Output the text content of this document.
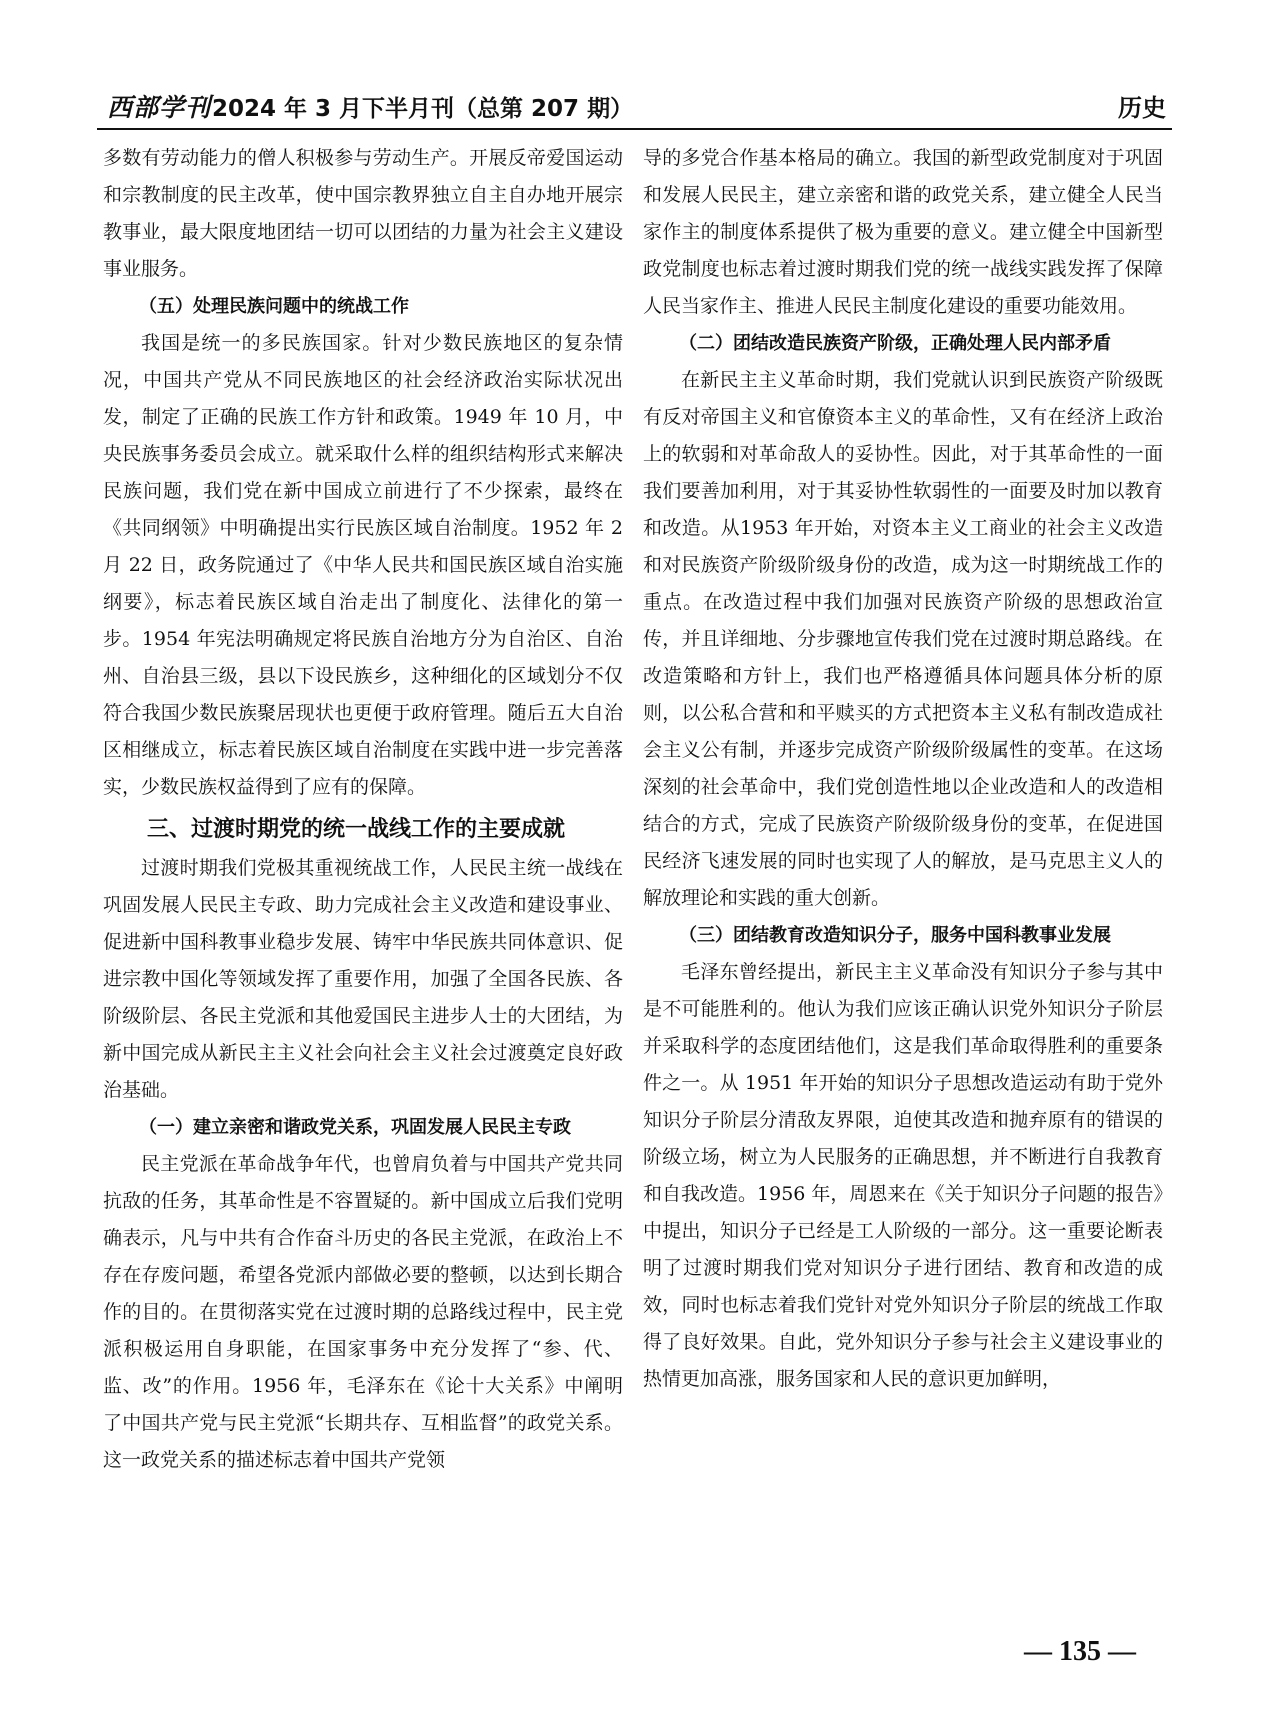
西部学刊 2024 年 3 月下半月刊（总第 207 期）	历史

多数有劳动能力的僧人积极参与劳动生产。开展反帝爱国运动和宗教制度的民主改革，使中国宗教界独立自主自办地开展宗教事业，最大限度地团结一切可以团结的力量为社会主义建设事业服务。

（五）处理民族问题中的统战工作

我国是统一的多民族国家。针对少数民族地区的复杂情况，中国共产党从不同民族地区的社会经济政治实际状况出发，制定了正确的民族工作方针和政策。1949 年 10 月，中央民族事务委员会成立。就采取什么样的组织结构形式来解决民族问题，我们党在新中国成立前进行了不少探索，最终在《共同纲领》中明确提出实行民族区域自治制度。1952 年 2 月 22 日，政务院通过了《中华人民共和国民族区域自治实施纲要》，标志着民族区域自治走出了制度化、法律化的第一步。1954 年宪法明确规定将民族自治地方分为自治区、自治州、自治县三级，县以下设民族乡，这种细化的区域划分不仅符合我国少数民族聚居现状也更便于政府管理。随后五大自治区相继成立，标志着民族区域自治制度在实践中进一步完善落实，少数民族权益得到了应有的保障。

三、过渡时期党的统一战线工作的主要成就

过渡时期我们党极其重视统战工作，人民民主统一战线在巩固发展人民民主专政、助力完成社会主义改造和建设事业、促进新中国科教事业稳步发展、铸牢中华民族共同体意识、促进宗教中国化等领域发挥了重要作用，加强了全国各民族、各阶级阶层、各民主党派和其他爱国民主进步人士的大团结，为新中国完成从新民主主义社会向社会主义社会过渡奠定良好政治基础。

（一）建立亲密和谐政党关系，巩固发展人民民主专政

民主党派在革命战争年代，也曾肩负着与中国共产党共同抗敌的任务，其革命性是不容置疑的。新中国成立后我们党明确表示，凡与中共有合作奋斗历史的各民主党派，在政治上不存在存废问题，希望各党派内部做必要的整顿，以达到长期合作的目的。在贯彻落实党在过渡时期的总路线过程中，民主党派积极运用自身职能，在国家事务中充分发挥了“参、代、监、改”的作用。1956 年，毛泽东在《论十大关系》中阐明了中国共产党与民主党派“长期共存、互相监督”的政党关系。这一政党关系的描述标志着中国共产党领

导的多党合作基本格局的确立。我国的新型政党制度对于巩固和发展人民民主，建立亲密和谐的政党关系，建立健全人民当家作主的制度体系提供了极为重要的意义。建立健全中国新型政党制度也标志着过渡时期我们党的统一战线实践发挥了保障人民当家作主、推进人民民主制度化建设的重要功能效用。

（二）团结改造民族资产阶级，正确处理人民内部矛盾

在新民主主义革命时期，我们党就认识到民族资产阶级既有反对帝国主义和官僚资本主义的革命性，又有在经济上政治上的软弱和对革命敌人的妥协性。因此，对于其革命性的一面我们要善加利用，对于其妥协性软弱性的一面要及时加以教育和改造。从1953 年开始，对资本主义工商业的社会主义改造和对民族资产阶级阶级身份的改造，成为这一时期统战工作的重点。在改造过程中我们加强对民族资产阶级的思想政治宣传，并且详细地、分步骤地宣传我们党在过渡时期总路线。在改造策略和方针上，我们也严格遵循具体问题具体分析的原则，以公私合营和和平赎买的方式把资本主义私有制改造成社会主义公有制，并逐步完成资产阶级阶级属性的变革。在这场深刻的社会革命中，我们党创造性地以企业改造和人的改造相结合的方式，完成了民族资产阶级阶级身份的变革，在促进国民经济飞速发展的同时也实现了人的解放，是马克思主义人的解放理论和实践的重大创新。

（三）团结教育改造知识分子，服务中国科教事业发展

毛泽东曾经提出，新民主主义革命没有知识分子参与其中是不可能胜利的。他认为我们应该正确认识党外知识分子阶层并采取科学的态度团结他们，这是我们革命取得胜利的重要条件之一。从 1951 年开始的知识分子思想改造运动有助于党外知识分子阶层分清敌友界限，迫使其改造和抛弃原有的错误的阶级立场，树立为人民服务的正确思想，并不断进行自我教育和自我改造。1956 年，周恩来在《关于知识分子问题的报告》中提出，知识分子已经是工人阶级的一部分。这一重要论断表明了过渡时期我们党对知识分子进行团结、教育和改造的成效，同时也标志着我们党针对党外知识分子阶层的统战工作取得了良好效果。自此，党外知识分子参与社会主义建设事业的热情更加高涨，服务国家和人民的意识更加鲜明，

— 135 —
